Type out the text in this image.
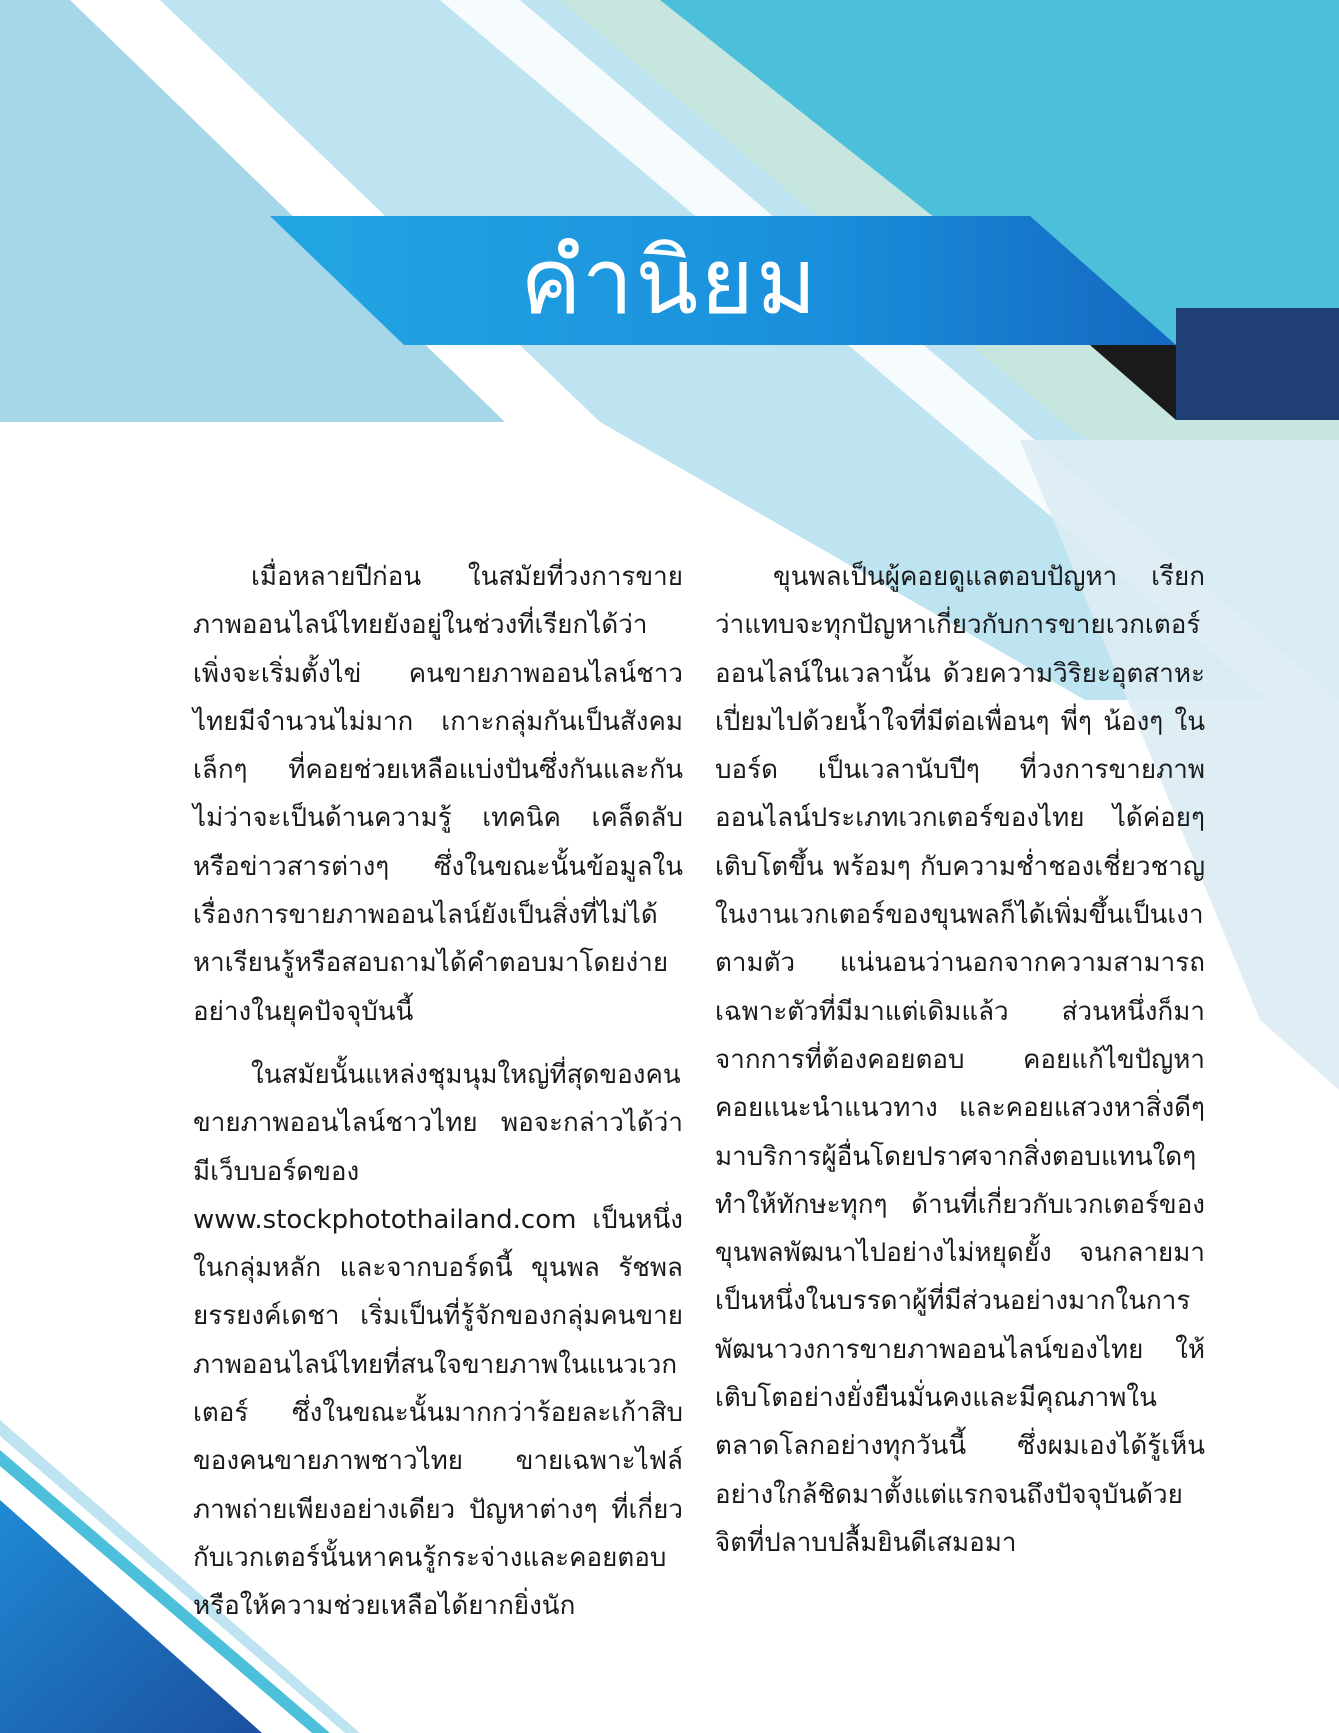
คำนิยม

เมื่อหลายปีก่อน ในสมัยที่วงการขายภาพออนไลน์ไทยยังอยู่ในช่วงที่เรียกได้ว่าเพิ่งจะเริ่มตั้งไข่ คนขายภาพออนไลน์ชาวไทยมีจำนวนไม่มาก เกาะกลุ่มกันเป็นสังคมเล็กๆ ที่คอยช่วยเหลือแบ่งปันซึ่งกันและกัน ไม่ว่าจะเป็นด้านความรู้ เทคนิค เคล็ดลับ หรือข่าวสารต่างๆ ซึ่งในขณะนั้นข้อมูลในเรื่องการขายภาพออนไลน์ยังเป็นสิ่งที่ไม่ได้หาเรียนรู้หรือสอบถามได้คำตอบมาโดยง่ายอย่างในยุคปัจจุบันนี้

ในสมัยนั้นแหล่งชุมนุมใหญ่ที่สุดของคนขายภาพออนไลน์ชาวไทย พอจะกล่าวได้ว่ามีเว็บบอร์ดของ www.stockphotothailand.com เป็นหนึ่งในกลุ่มหลัก และจากบอร์ดนี้ ขุนพล รัชพล ยรรยงค์เดชา เริ่มเป็นที่รู้จักของกลุ่มคนขายภาพออนไลน์ไทยที่สนใจขายภาพในแนวเวกเตอร์ ซึ่งในขณะนั้นมากกว่าร้อยละเก้าสิบของคนขายภาพชาวไทย ขายเฉพาะไฟล์ภาพถ่ายเพียงอย่างเดียว ปัญหาต่างๆ ที่เกี่ยวกับเวกเตอร์นั้นหาคนรู้กระจ่างและคอยตอบหรือให้ความช่วยเหลือได้ยากยิ่งนัก

ขุนพลเป็นผู้คอยดูแลตอบปัญหา เรียกว่าแทบจะทุกปัญหาเกี่ยวกับการขายเวกเตอร์ออนไลน์ในเวลานั้น ด้วยความวิริยะอุตสาหะเปี่ยมไปด้วยน้ำใจที่มีต่อเพื่อนๆ พี่ๆ น้องๆ ในบอร์ด เป็นเวลานับปีๆ ที่วงการขายภาพออนไลน์ประเภทเวกเตอร์ของไทย ได้ค่อยๆ เติบโตขึ้น พร้อมๆ กับความช่ำชองเชี่ยวชาญในงานเวกเตอร์ของขุนพลก็ได้เพิ่มขึ้นเป็นเงาตามตัว แน่นอนว่านอกจากความสามารถเฉพาะตัวที่มีมาแต่เดิมแล้ว ส่วนหนึ่งก็มาจากการที่ต้องคอยตอบ คอยแก้ไขปัญหา คอยแนะนำแนวทาง และคอยแสวงหาสิ่งดีๆ มาบริการผู้อื่นโดยปราศจากสิ่งตอบแทนใดๆ ทำให้ทักษะทุกๆ ด้านที่เกี่ยวกับเวกเตอร์ของขุนพลพัฒนาไปอย่างไม่หยุดยั้ง จนกลายมาเป็นหนึ่งในบรรดาผู้ที่มีส่วนอย่างมากในการพัฒนาวงการขายภาพออนไลน์ของไทย ให้เติบโตอย่างยั่งยืนมั่นคงและมีคุณภาพในตลาดโลกอย่างทุกวันนี้ ซึ่งผมเองได้รู้เห็นอย่างใกล้ชิดมาตั้งแต่แรกจนถึงปัจจุบันด้วยจิตที่ปลาบปลื้มยินดีเสมอมา
